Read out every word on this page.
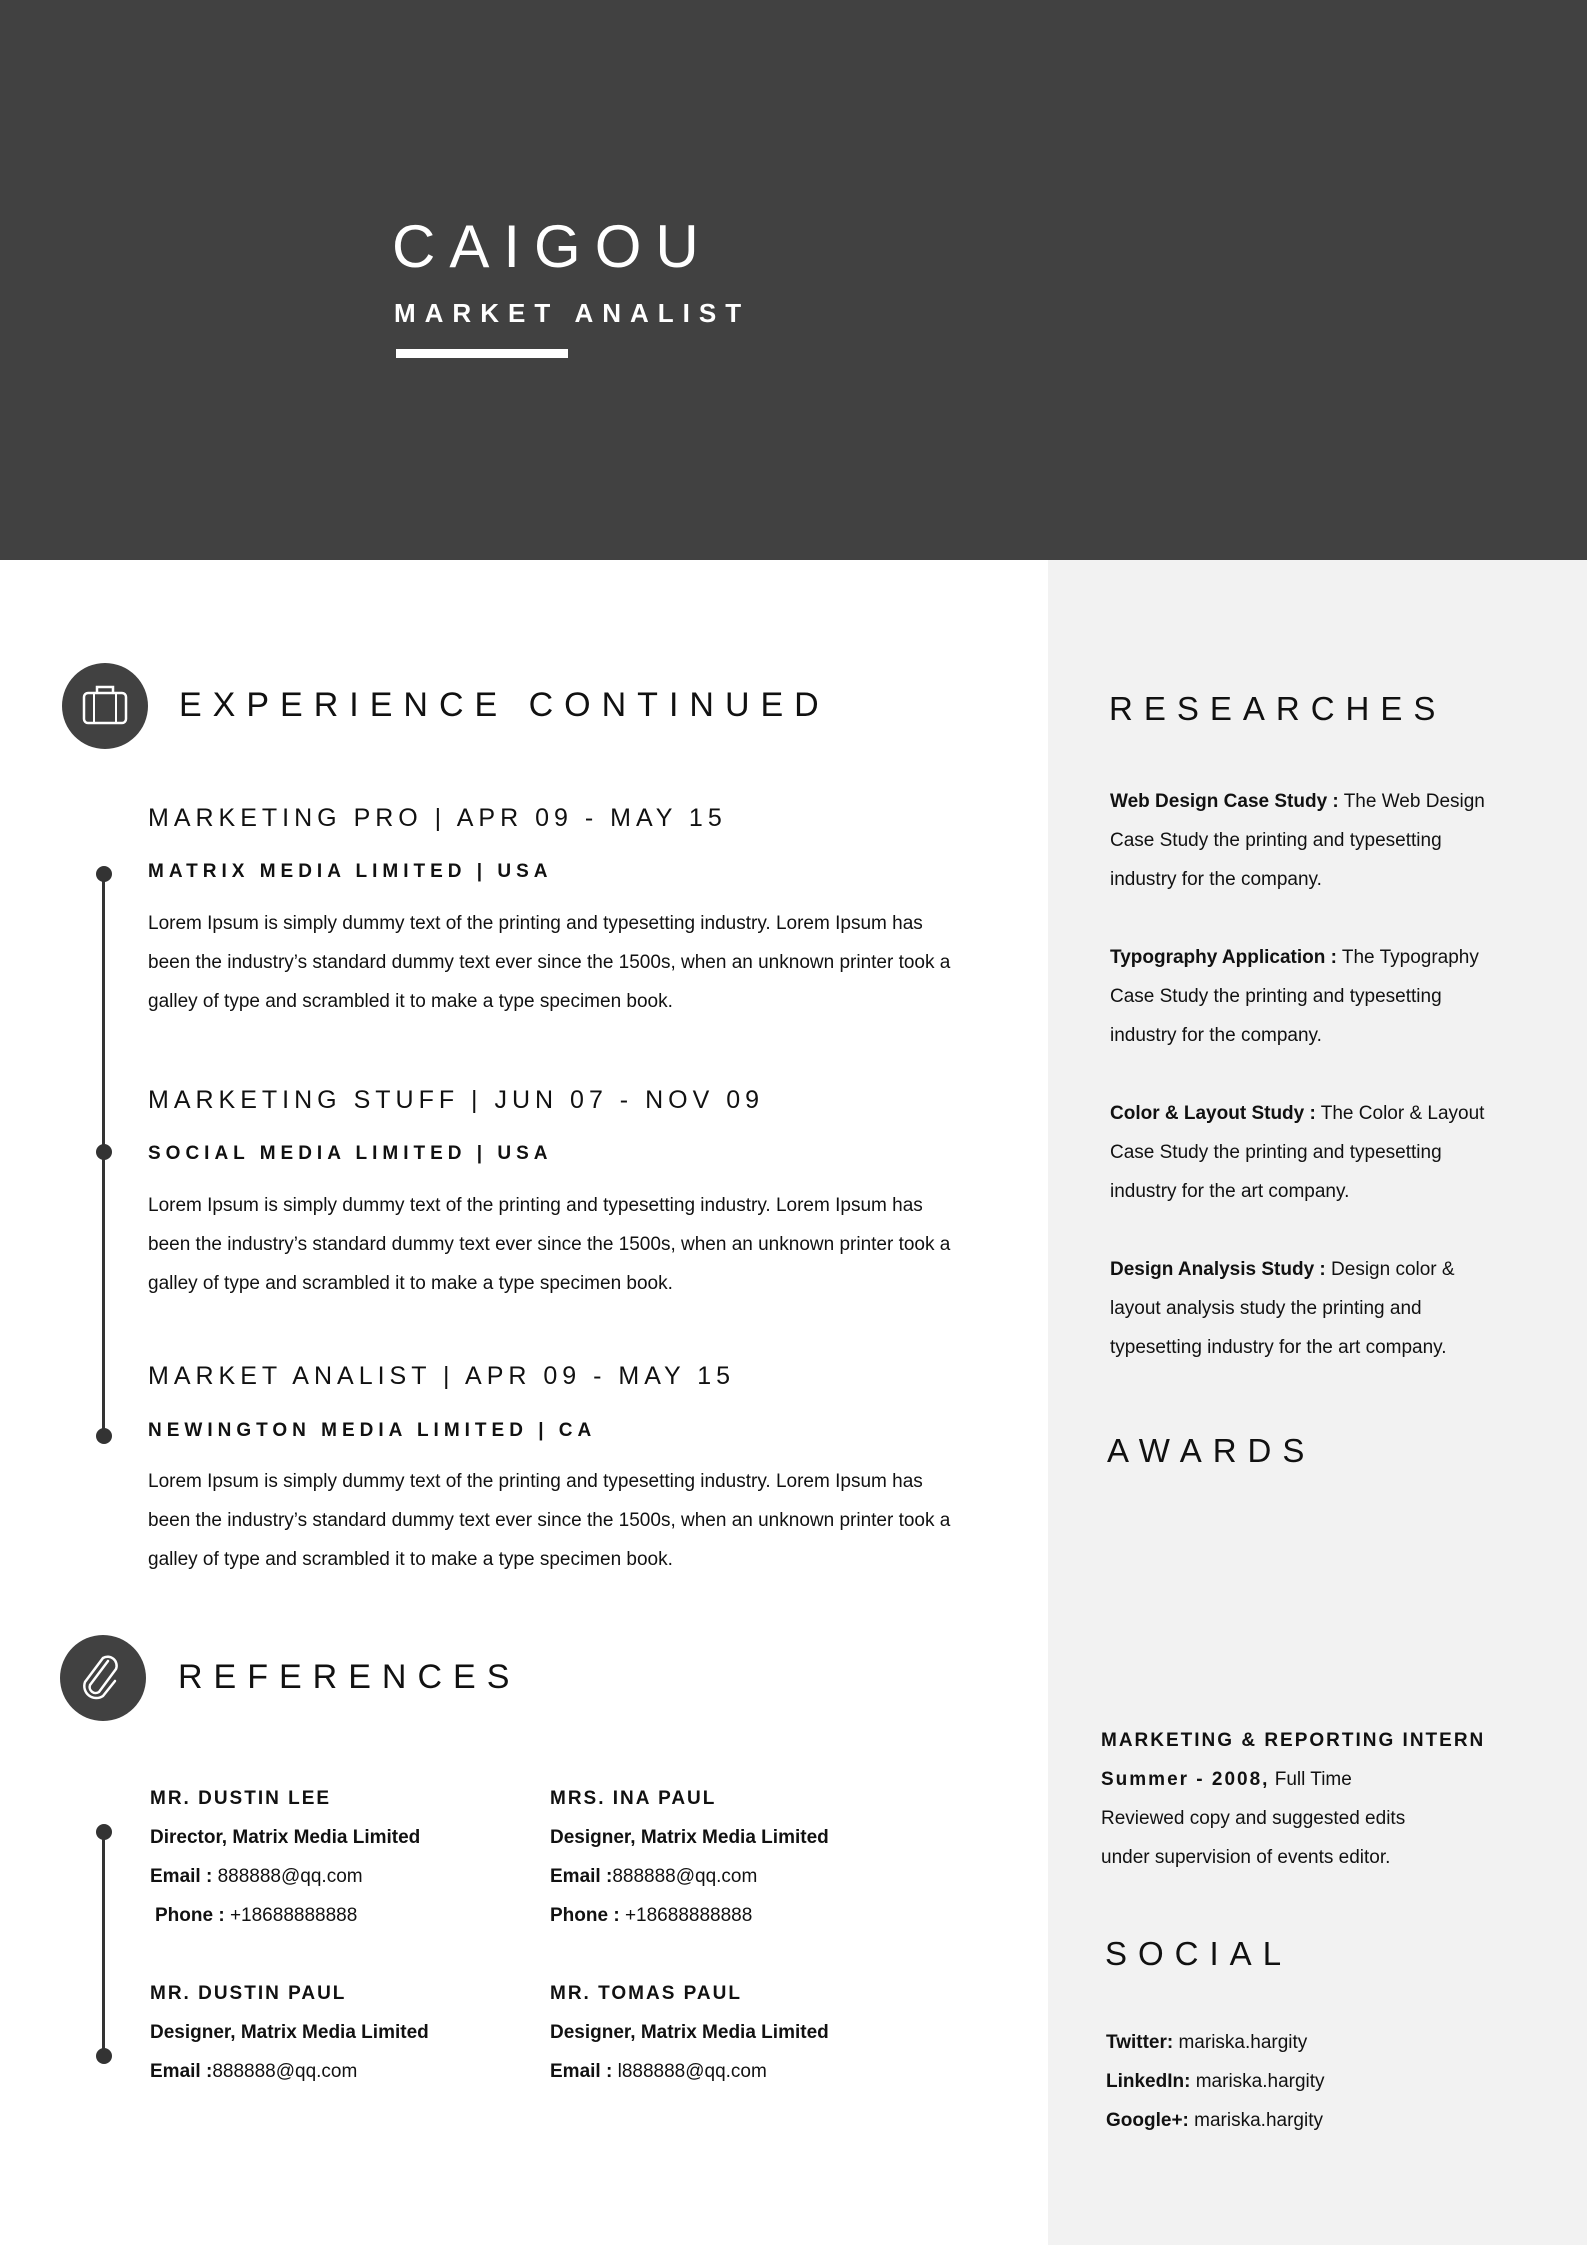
CAIGOU
MARKET ANALIST
EXPERIENCE CONTINUED
MARKETING PRO | APR 09 - MAY 15
MATRIX MEDIA LIMITED | USA
Lorem Ipsum is simply dummy text of the printing and typesetting industry. Lorem Ipsum has
been the industry’s standard dummy text ever since the 1500s, when an unknown printer took a
galley of type and scrambled it to make a type specimen book.
MARKETING STUFF | JUN 07 - NOV 09
SOCIAL MEDIA LIMITED | USA
Lorem Ipsum is simply dummy text of the printing and typesetting industry. Lorem Ipsum has
been the industry’s standard dummy text ever since the 1500s, when an unknown printer took a
galley of type and scrambled it to make a type specimen book.
MARKET ANALIST | APR 09 - MAY 15
NEWINGTON MEDIA LIMITED | CA
Lorem Ipsum is simply dummy text of the printing and typesetting industry. Lorem Ipsum has
been the industry’s standard dummy text ever since the 1500s, when an unknown printer took a
galley of type and scrambled it to make a type specimen book.
REFERENCES
MR. DUSTIN LEE
Director, Matrix Media Limited
Email : 888888@qq.com
Phone : +18688888888
MRS. INA PAUL
Designer, Matrix Media Limited
Email :888888@qq.com
Phone : +18688888888
MR. DUSTIN PAUL
Designer, Matrix Media Limited
Email :888888@qq.com
MR. TOMAS PAUL
Designer, Matrix Media Limited
Email : l888888@qq.com
RESEARCHES
Web Design Case Study : The Web Design
Case Study the printing and typesetting
industry for the company.
Typography Application : The Typography
Case Study the printing and typesetting
industry for the company.
Color & Layout Study : The Color & Layout
Case Study the printing and typesetting
industry for the art company.
Design Analysis Study : Design color &
layout analysis study the printing and
typesetting industry for the art company.
AWARDS
MARKETING & REPORTING INTERN
Summer - 2008, Full Time
Reviewed copy and suggested edits
under supervision of events editor.
SOCIAL
Twitter: mariska.hargity
LinkedIn: mariska.hargity
Google+: mariska.hargity
